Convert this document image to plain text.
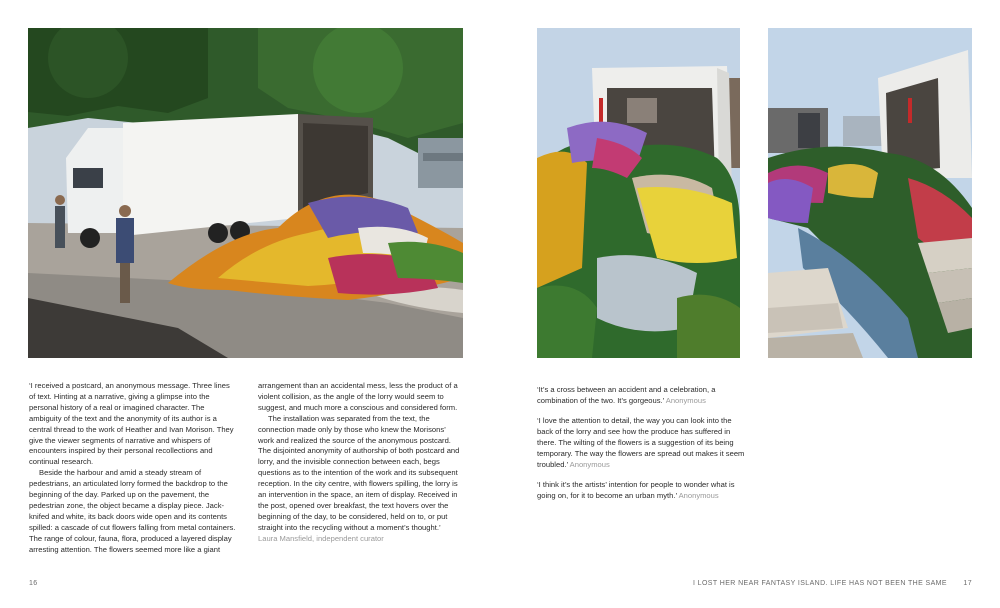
‘I received a postcard, an anonymous message. Three lines of text. Hinting at a narrative, giving a glimpse into the personal history of a real or imagined character. The ambiguity of the text and the anonymity of its author is a central thread to the work of Heather and Ivan Morison. They give the viewer segments of narrative and whispers of encounters inspired by their personal recollections and continual research.

Beside the harbour and amid a steady stream of pedestrians, an articulated lorry formed the backdrop to the beginning of the day. Parked up on the pavement, the pedestrian zone, the object became a display piece. Jack-knifed and white, its back doors wide open and its contents spilled: a cascade of cut flowers falling from metal containers. The range of colour, fauna, flora, produced a layered display arresting attention. The flowers seemed more like a giant

arrangement than an accidental mess, less the product of a violent collision, as the angle of the lorry would seem to suggest, and much more a conscious and considered form.

The installation was separated from the text, the connection made only by those who knew the Morisons’ work and realized the source of the anonymous postcard. The disjointed anonymity of authorship of both postcard and lorry, and the invisible connection between each, begs questions as to the intention of the work and its subsequent reception. In the city centre, with flowers spilling, the lorry is an intervention in the space, an item of display. Received in the post, opened over breakfast, the text hovers over the beginning of the day, to be considered, held on to, or put straight into the recycling without a moment’s thought.’

Laura Mansfield, independent curator

‘It’s a cross between an accident and a celebration, a combination of the two. It’s gorgeous.’ Anonymous

‘I love the attention to detail, the way you can look into the back of the lorry and see how the produce has suffered in there. The wilting of the flowers is a suggestion of its being temporary. The way the flowers are spread out makes it seem troubled.’ Anonymous

‘I think it’s the artists’ intention for people to wonder what is going on, for it to become an urban myth.’ Anonymous

16	I LOST HER NEAR FANTASY ISLAND. LIFE HAS NOT BEEN THE SAME 17
